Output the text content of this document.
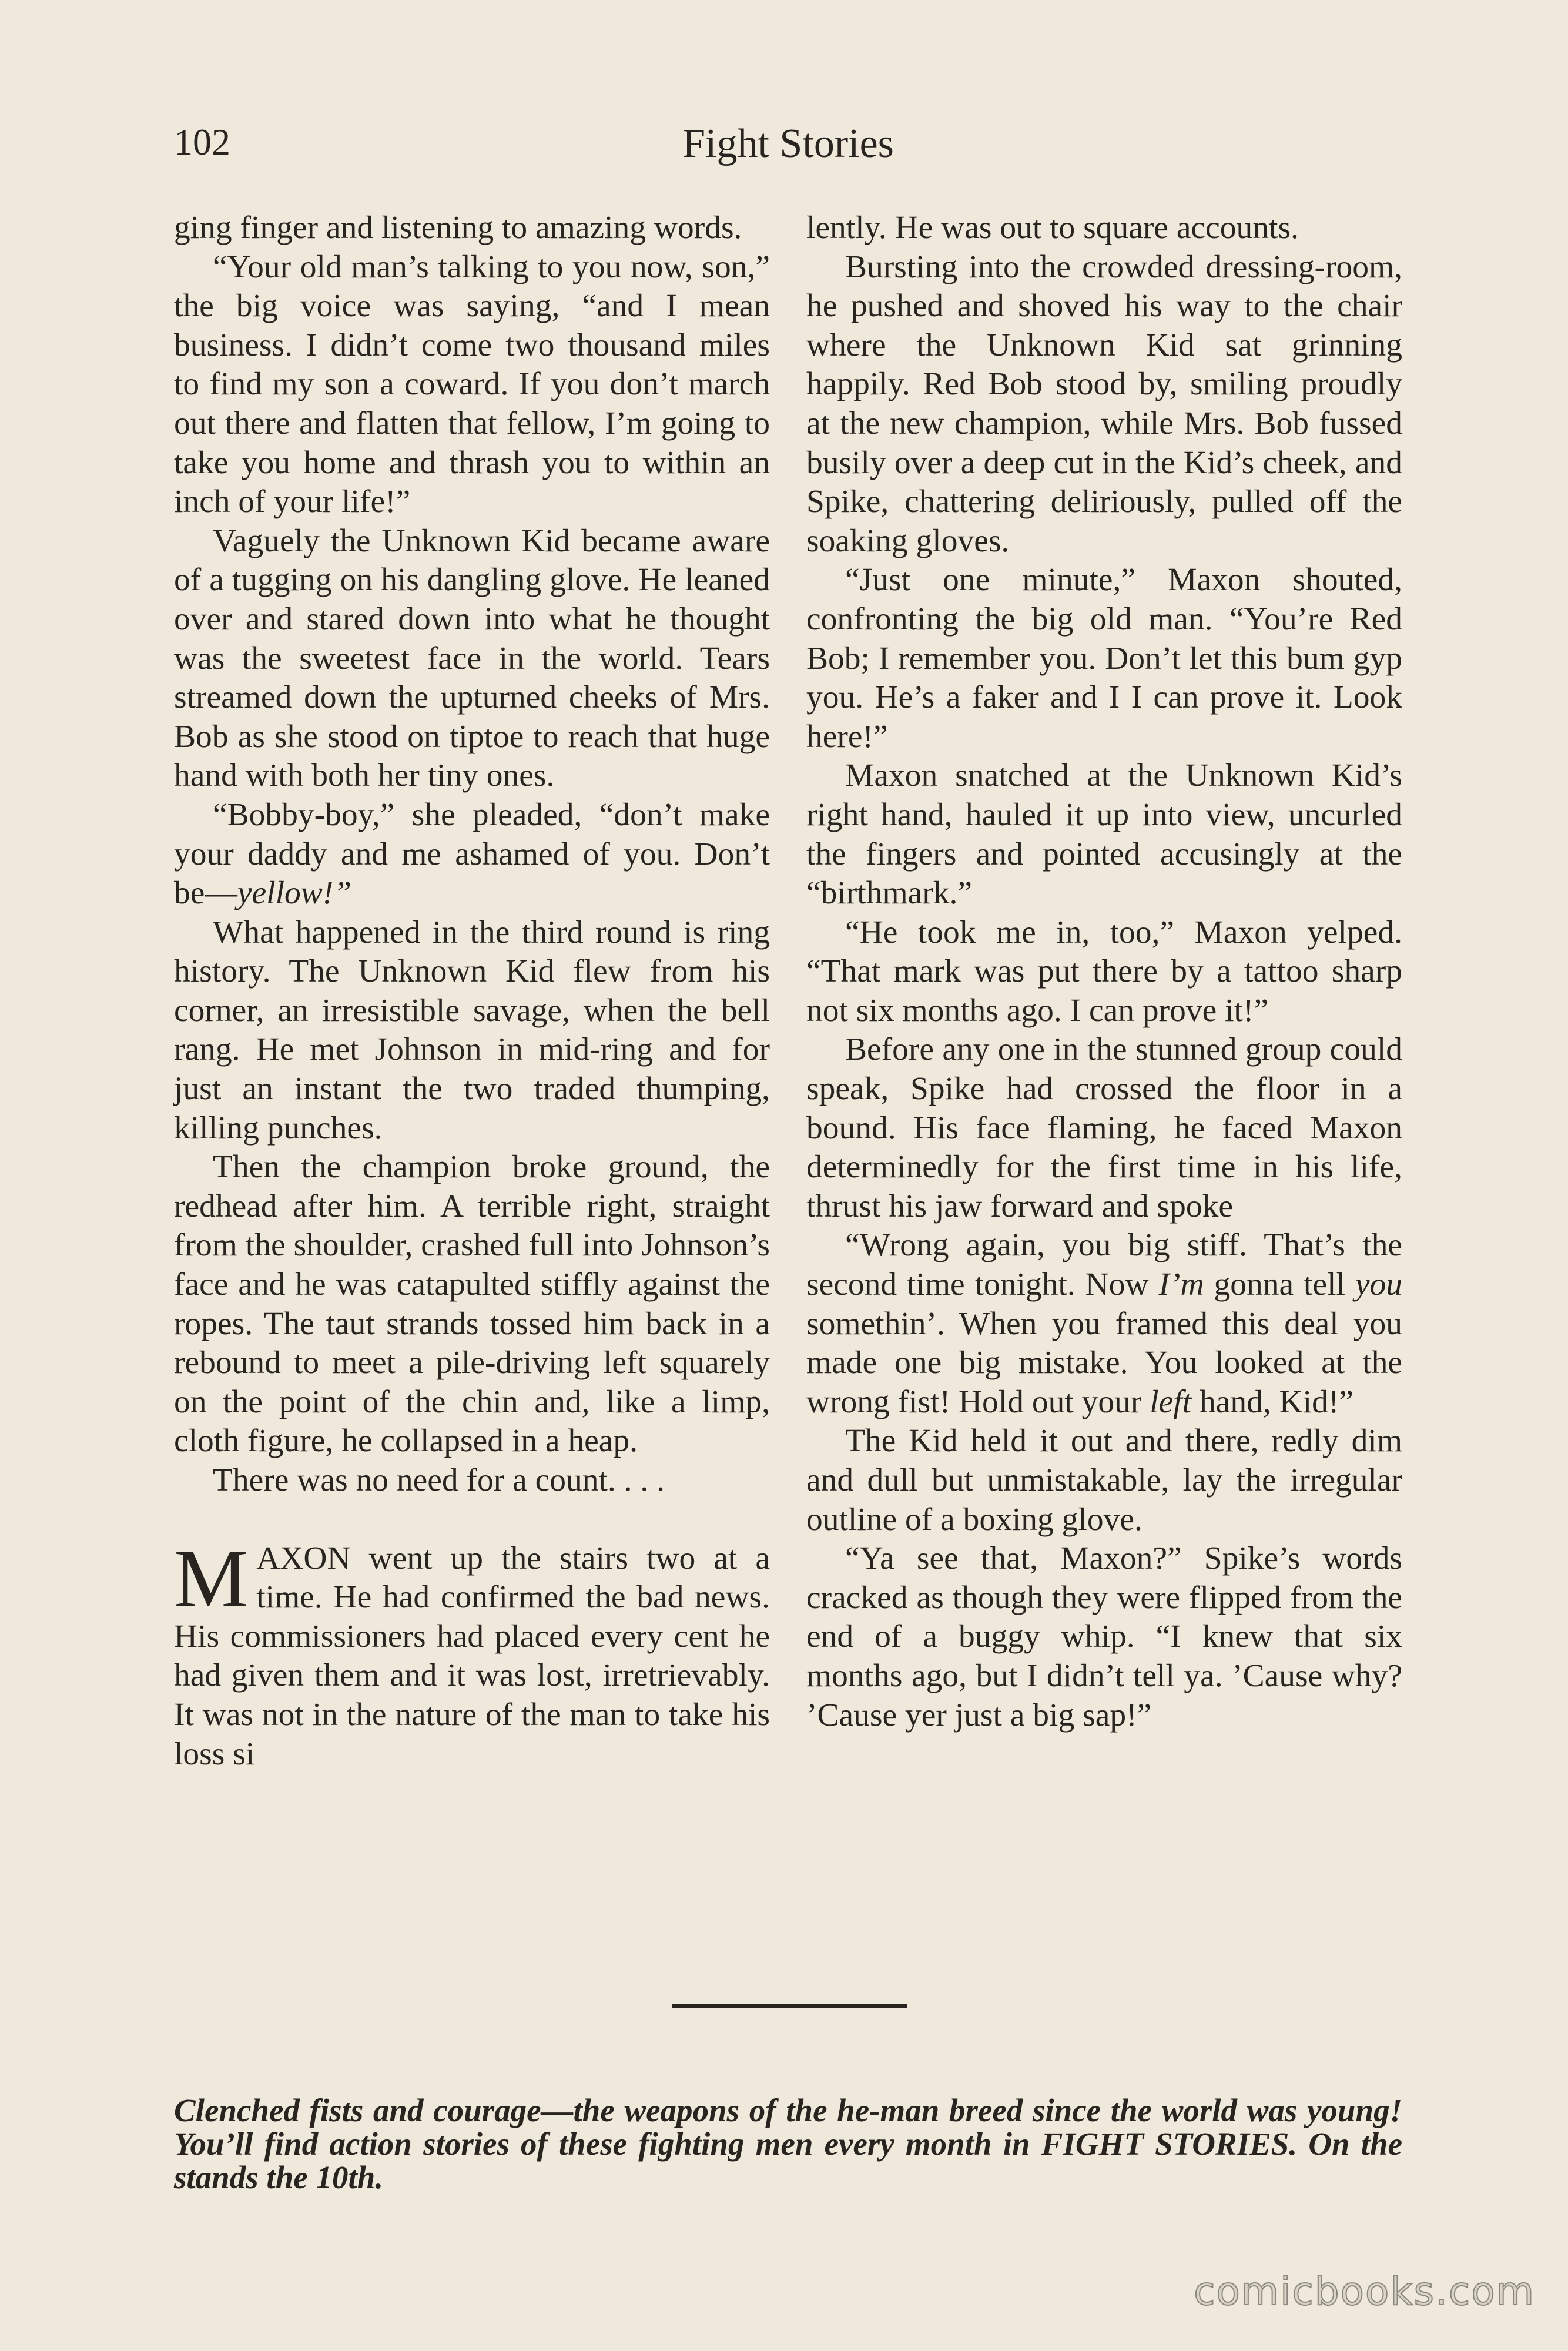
Fight Stories
102

ging finger and listening to amazing words.

“Your old man’s talking to you now, son,” the big voice was saying, “and I mean business. I didn’t come two thousand miles to find my son a coward. If you don’t march out there and flatten that fellow, I’m going to take you home and thrash you to within an inch of your life!”

Vaguely the Unknown Kid became aware of a tugging on his dangling glove. He leaned over and stared down into what he thought was the sweetest face in the world. Tears streamed down the upturned cheeks of Mrs. Bob as she stood on tiptoe to reach that huge hand with both her tiny ones.

“Bobby-boy,” she pleaded, “don’t make your daddy and me ashamed of you. Don’t be—yellow!”

What happened in the third round is ring history. The Unknown Kid flew from his corner, an irresistible savage, when the bell rang. He met Johnson in mid-ring and for just an instant the two traded thumping, killing punches.

Then the champion broke ground, the redhead after him. A terrible right, straight from the shoulder, crashed full into Johnson’s face and he was catapulted stiffly against the ropes. The taut strands tossed him back in a rebound to meet a pile-driving left squarely on the point of the chin and, like a limp, cloth figure, he collapsed in a heap.

There was no need for a count. . . .

MAXON went up the stairs two at a time. He had confirmed the bad news. His commissioners had placed every cent he had given them and it was lost, irretrievably. It was not in the nature of the man to take his loss si

lently. He was out to square accounts.

Bursting into the crowded dressing-room, he pushed and shoved his way to the chair where the Unknown Kid sat grinning happily. Red Bob stood by, smiling proudly at the new champion, while Mrs. Bob fussed busily over a deep cut in the Kid’s cheek, and Spike, chattering deliriously, pulled off the soaking gloves.

“Just one minute,” Maxon shouted, confronting the big old man. “You’re Red Bob; I remember you. Don’t let this bum gyp you. He’s a faker and I I can prove it. Look here!”

Maxon snatched at the Unknown Kid’s right hand, hauled it up into view, uncurled the fingers and pointed accusingly at the “birthmark.”

“He took me in, too,” Maxon yelped. “That mark was put there by a tattoo sharp not six months ago. I can prove it!”

Before any one in the stunned group could speak, Spike had crossed the floor in a bound. His face flaming, he faced Maxon determinedly for the first time in his life, thrust his jaw forward and spoke

“Wrong again, you big stiff. That’s the second time tonight. Now I’m gonna tell you somethin’. When you framed this deal you made one big mistake. You looked at the wrong fist! Hold out your left hand, Kid!”

The Kid held it out and there, redly dim and dull but unmistakable, lay the irregular outline of a boxing glove.

“Ya see that, Maxon?” Spike’s words cracked as though they were flipped from the end of a buggy whip. “I knew that six months ago, but I didn’t tell ya. ’Cause why? ’Cause yer just a big sap!”

Clenched fists and courage—the weapons of the he-man breed since the world was young! You’ll find action stories of these fighting men every month in FIGHT STORIES. On the stands the 10th.
comicbooks.com
